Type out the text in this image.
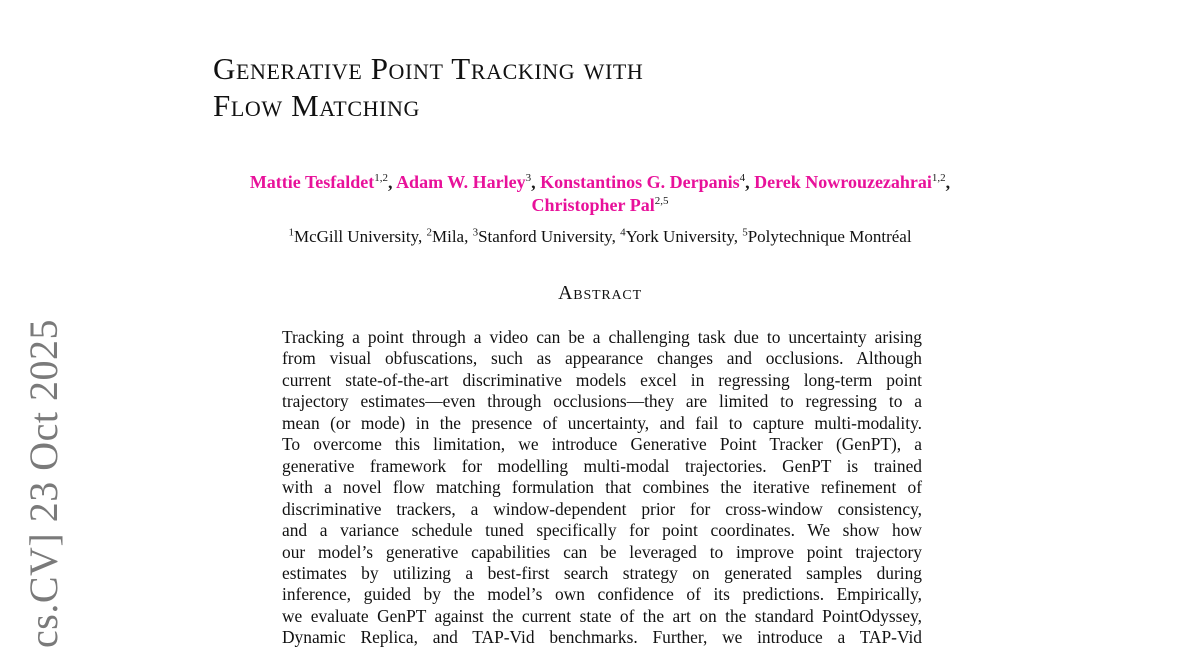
cs.CV] 23 Oct 2025
Generative Point Tracking with
Flow Matching
Mattie Tesfaldet$^{1,2}$, Adam W. Harley$^3$, Konstantinos G. Derpanis$^4$, Derek Nowrouzezahrai$^{1,2}$,
Christopher Pal$^{2,5}$
$^1$McGill University, $^2$Mila, $^3$Stanford University, $^4$York University, $^5$Polytechnique Montréal
Abstract
Tracking a point through a video can be a challenging task due to uncertainty arising
from visual obfuscations, such as appearance changes and occlusions. Although
current state-of-the-art discriminative models excel in regressing long-term point
trajectory estimates—even through occlusions—they are limited to regressing to a
mean (or mode) in the presence of uncertainty, and fail to capture multi-modality.
To overcome this limitation, we introduce Generative Point Tracker (GenPT), a
generative framework for modelling multi-modal trajectories. GenPT is trained
with a novel flow matching formulation that combines the iterative refinement of
discriminative trackers, a window-dependent prior for cross-window consistency,
and a variance schedule tuned specifically for point coordinates. We show how
our model’s generative capabilities can be leveraged to improve point trajectory
estimates by utilizing a best-first search strategy on generated samples during
inference, guided by the model’s own confidence of its predictions. Empirically,
we evaluate GenPT against the current state of the art on the standard PointOdyssey,
Dynamic Replica, and TAP-Vid benchmarks. Further, we introduce a TAP-Vid
